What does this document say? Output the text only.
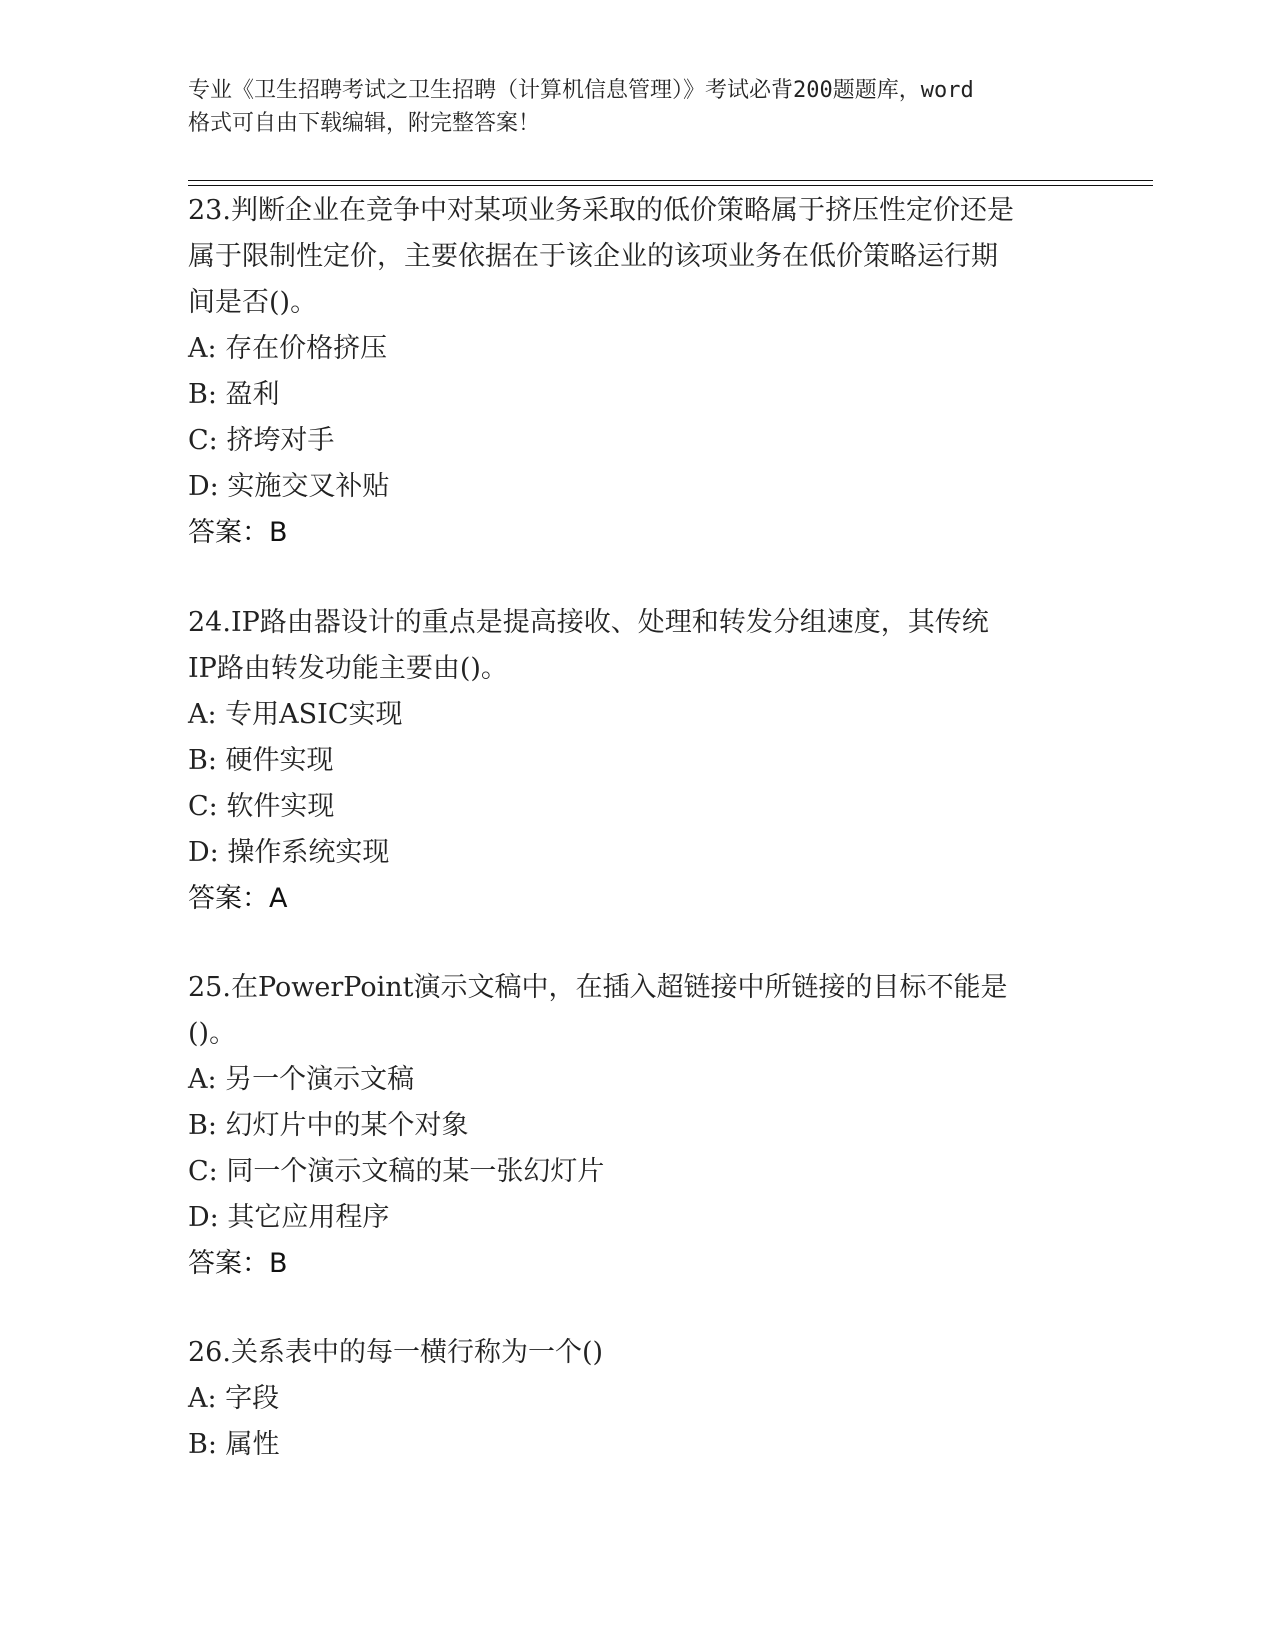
专业《卫生招聘考试之卫生招聘（计算机信息管理）》考试必背200题题库，word
格式可自由下载编辑，附完整答案！
23.判断企业在竞争中对某项业务采取的低价策略属于挤压性定价还是
属于限制性定价，主要依据在于该企业的该项业务在低价策略运行期
间是否()。
A: 存在价格挤压
B: 盈利
C: 挤垮对手
D: 实施交叉补贴
答案：B
24.IP路由器设计的重点是提高接收、处理和转发分组速度，其传统
IP路由转发功能主要由()。
A: 专用ASIC实现
B: 硬件实现
C: 软件实现
D: 操作系统实现
答案：A
25.在PowerPoint演示文稿中，在插入超链接中所链接的目标不能是
()。
A: 另一个演示文稿
B: 幻灯片中的某个对象
C: 同一个演示文稿的某一张幻灯片
D: 其它应用程序
答案：B
26.关系表中的每一横行称为一个()
A: 字段
B: 属性
